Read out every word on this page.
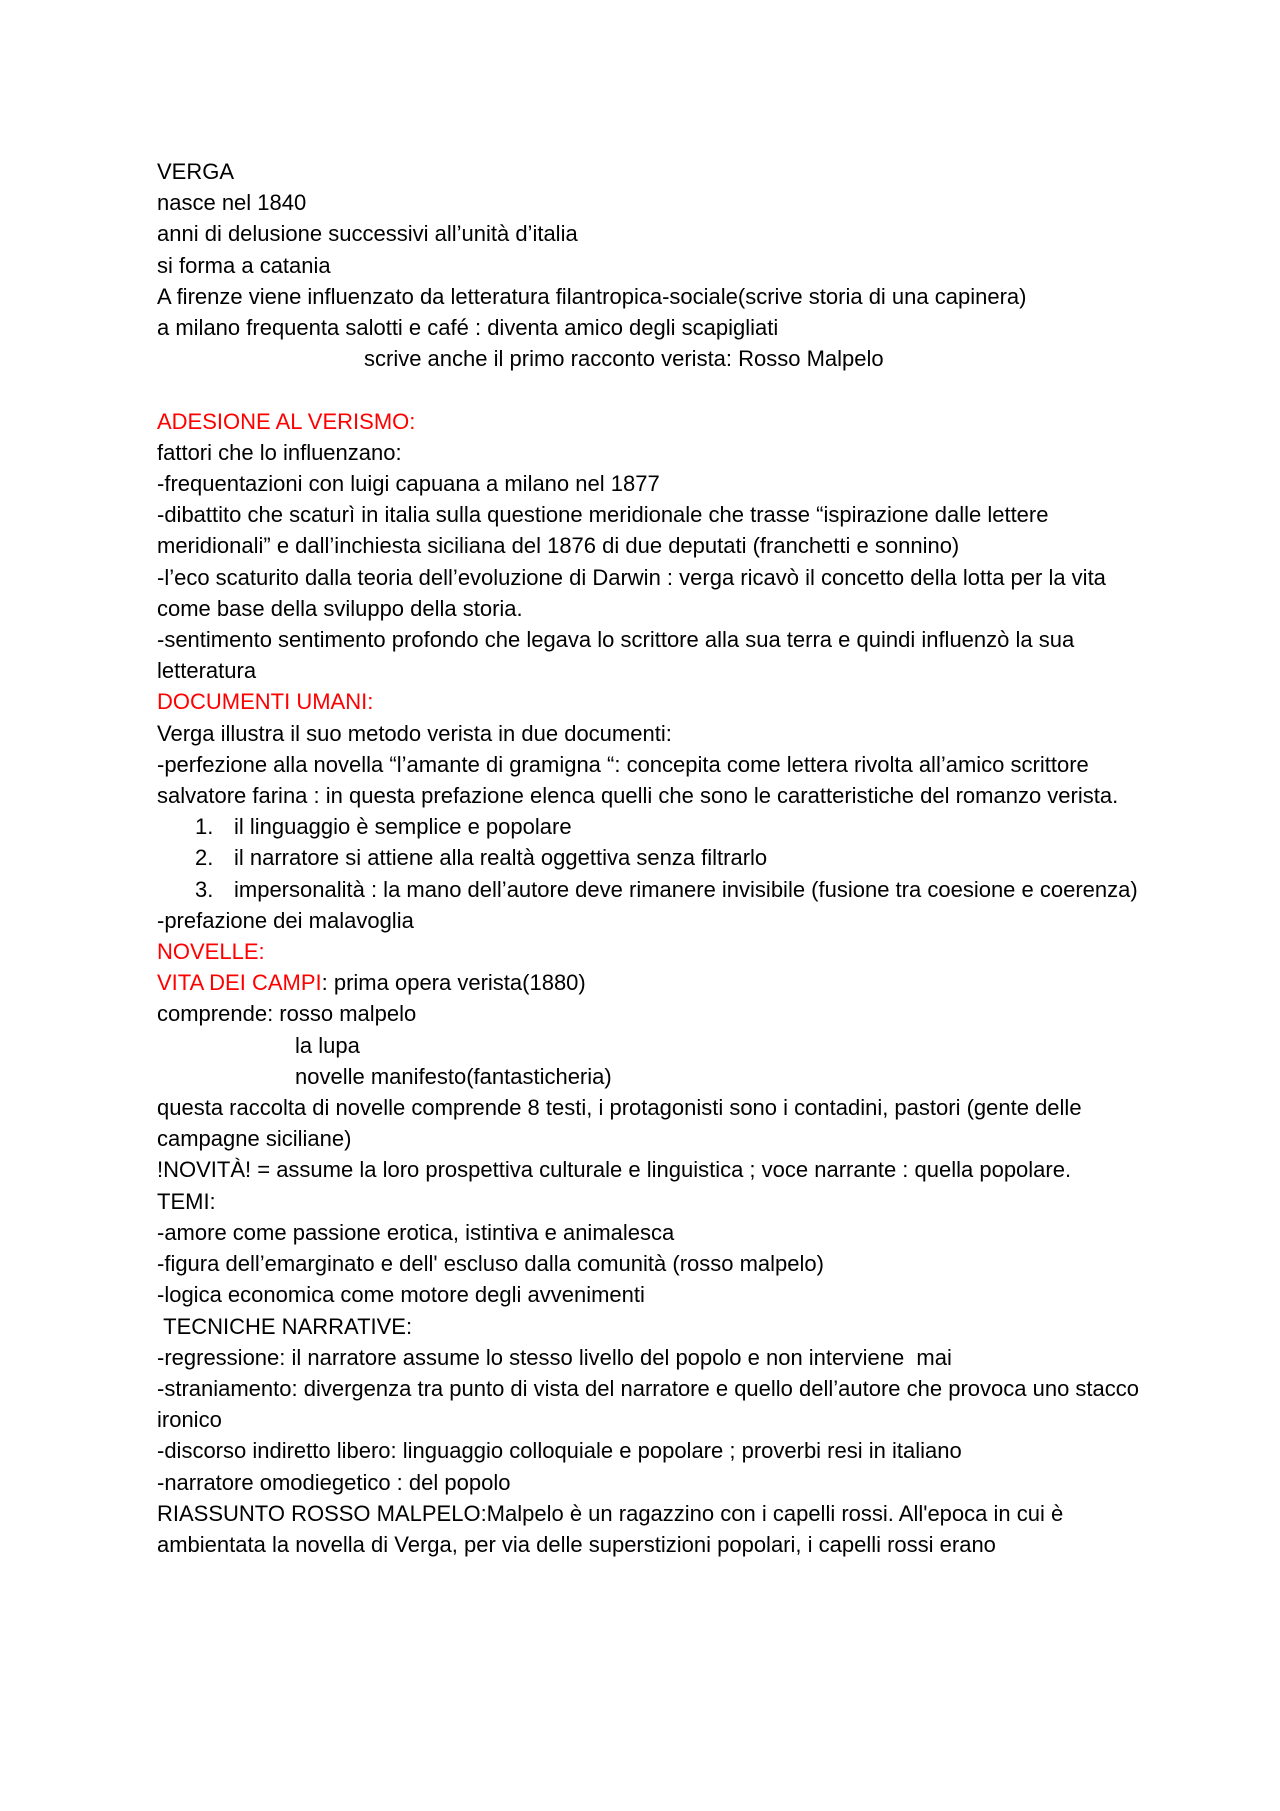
VERGA
nasce nel 1840
anni di delusione successivi all’unità d’italia
si forma a catania
A firenze viene influenzato da letteratura filantropica-sociale(scrive storia di una capinera)
a milano frequenta salotti e café : diventa amico degli scapigliati
scrive anche il primo racconto verista: Rosso Malpelo
ADESIONE AL VERISMO:
fattori che lo influenzano:
-frequentazioni con luigi capuana a milano nel 1877
-dibattito che scaturì in italia sulla questione meridionale che trasse “ispirazione dalle lettere meridionali” e dall’inchiesta siciliana del 1876 di due deputati (franchetti e sonnino)
-l’eco scaturito dalla teoria dell’evoluzione di Darwin : verga ricavò il concetto della lotta per la vita come base della sviluppo della storia.
-sentimento sentimento profondo che legava lo scrittore alla sua terra e quindi influenzò la sua letteratura
DOCUMENTI UMANI:
Verga illustra il suo metodo verista in due documenti:
-perfezione alla novella “l’amante di gramigna “: concepita come lettera rivolta all’amico scrittore salvatore farina : in questa prefazione elenca quelli che sono le caratteristiche del romanzo verista.
1. il linguaggio è semplice e popolare
2. il narratore si attiene alla realtà oggettiva senza filtrarlo
3. impersonalità : la mano dell’autore deve rimanere invisibile (fusione tra coesione e coerenza)
-prefazione dei malavoglia
NOVELLE:
VITA DEI CAMPI: prima opera verista(1880)
comprende: rosso malpelo
la lupa
novelle manifesto(fantasticheria)
questa raccolta di novelle comprende 8 testi, i protagonisti sono i contadini, pastori (gente delle campagne siciliane)
!NOVITÀ! = assume la loro prospettiva culturale e linguistica ; voce narrante : quella popolare.
TEMI:
-amore come passione erotica, istintiva e animalesca
-figura dell’emarginato e dell' escluso dalla comunità (rosso malpelo)
-logica economica come motore degli avvenimenti
TECNICHE NARRATIVE:
-regressione: il narratore assume lo stesso livello del popolo e non interviene  mai
-straniamento: divergenza tra punto di vista del narratore e quello dell’autore che provoca uno stacco ironico
-discorso indiretto libero: linguaggio colloquiale e popolare ; proverbi resi in italiano
-narratore omodiegetico : del popolo
RIASSUNTO ROSSO MALPELO:Malpelo è un ragazzino con i capelli rossi. All'epoca in cui è ambientata la novella di Verga, per via delle superstizioni popolari, i capelli rossi erano
